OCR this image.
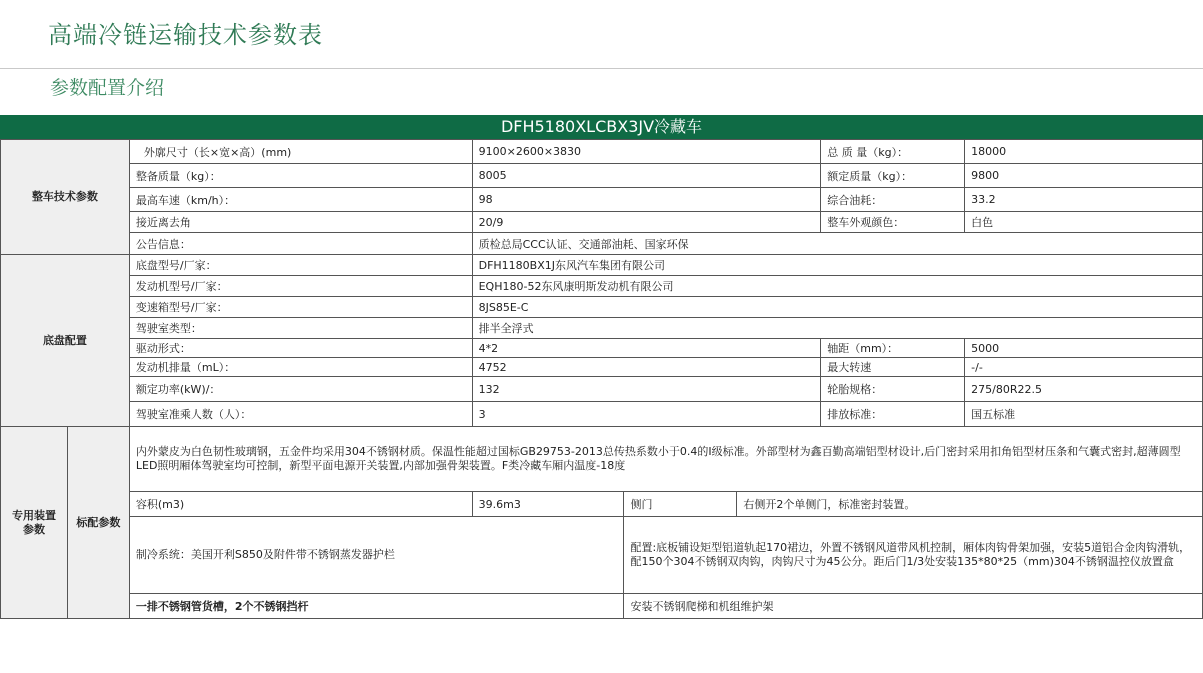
高端冷链运输技术参数表
参数配置介绍
DFH5180XLCBX3JV冷藏车
整车技术参数		外廓尺寸（长×宽×高）(mm)	9100×2600×3830			总 质 量（kg）：	18000
		整备质量（kg）：	8005			额定质量（kg）：	9800
		最高车速（km/h）：	98			综合油耗：	33.2
		接近离去角	20/9			整车外观颜色：	白色
		公告信息：	质检总局CCC认证、交通部油耗、国家环保				
底盘配置		底盘型号/厂家：	DFH1180BX1J东风汽车集团有限公司				
		发动机型号/厂家：	EQH180-52东风康明斯发动机有限公司				
		变速箱型号/厂家：	8JS85E-C				
		驾驶室类型：	排半全浮式				
		驱动形式：	4*2			轴距（mm）：	5000
		发动机排量（mL）：	4752			最大转速	-/-
		额定功率(kW)/：	132			轮胎规格：	275/80R22.5
		驾驶室准乘人数（人）：	3			排放标准：	国五标准
专用装置参数	标配参数	内外蒙皮为白色韧性玻璃钢，五金件均采用304不锈钢材质。保温性能超过国标GB29753-2013总传热系数小于0.4的I级标准。外部型材为鑫百勤高端铝型材设计,后门密封采用扣角铝型材压条和气囊式密封,超薄圆型LED照明厢体驾驶室均可控制，新型平面电源开关装置,内部加强骨架装置。F类冷藏车厢内温度-18度					
		容积(m3)	39.6m3	侧门	右侧开2个单侧门，标准密封装置。		
		制冷系统：美国开利S850及附件带不锈钢蒸发器护栏		配置:底板铺设矩型铝道轨起170裙边，外置不锈钢风道带风机控制，厢体肉钩骨架加强，安装5道铝合金肉钩滑轨，配150个304不锈钢双肉钩，肉钩尺寸为45公分。距后门1/3处安装135*80*25（mm)304不锈钢温控仪放置盒			
		一排不锈钢管货槽，2个不锈钢挡杆		安装不锈钢爬梯和机组维护架			
